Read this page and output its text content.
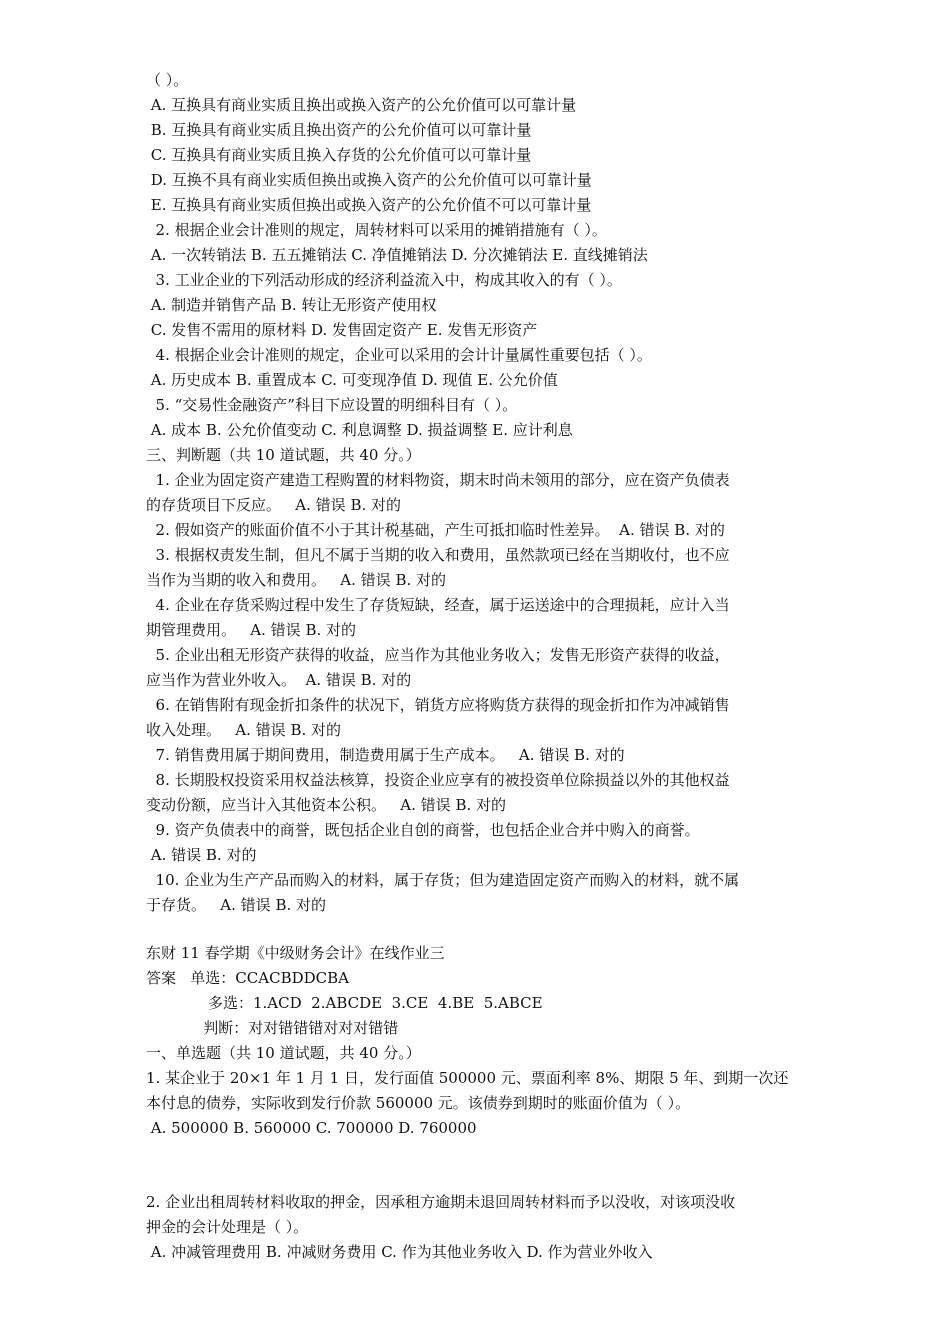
（ ）。
A. 互换具有商业实质且换出或换入资产的公允价值可以可靠计量
B. 互换具有商业实质且换出资产的公允价值可以可靠计量
C. 互换具有商业实质且换入存货的公允价值可以可靠计量
D. 互换不具有商业实质但换出或换入资产的公允价值可以可靠计量
E. 互换具有商业实质但换出或换入资产的公允价值不可以可靠计量
2. 根据企业会计准则的规定，周转材料可以采用的摊销措施有（ ）。
A. 一次转销法 B. 五五摊销法 C. 净值摊销法 D. 分次摊销法 E. 直线摊销法
3. 工业企业的下列活动形成的经济利益流入中，构成其收入的有（ ）。
A. 制造并销售产品 B. 转让无形资产使用权
C. 发售不需用的原材料 D. 发售固定资产 E. 发售无形资产
4. 根据企业会计准则的规定，企业可以采用的会计计量属性重要包括（ ）。
A. 历史成本 B. 重置成本 C. 可变现净值 D. 现值 E. 公允价值
5. “交易性金融资产”科目下应设置的明细科目有（ ）。
A. 成本 B. 公允价值变动 C. 利息调整 D. 损益调整 E. 应计利息
三、判断题（共 10 道试题，共 40 分。）
1. 企业为固定资产建造工程购置的材料物资，期末时尚未领用的部分，应在资产负债表
的存货项目下反应。   A. 错误 B. 对的
2. 假如资产的账面价值不小于其计税基础，产生可抵扣临时性差异。  A. 错误 B. 对的
3. 根据权责发生制，但凡不属于当期的收入和费用，虽然款项已经在当期收付，也不应
当作为当期的收入和费用。   A. 错误 B. 对的
4. 企业在存货采购过程中发生了存货短缺，经查，属于运送途中的合理损耗，应计入当
期管理费用。   A. 错误 B. 对的
5. 企业出租无形资产获得的收益，应当作为其他业务收入；发售无形资产获得的收益，
应当作为营业外收入。  A. 错误 B. 对的
6. 在销售附有现金折扣条件的状况下，销货方应将购货方获得的现金折扣作为冲减销售
收入处理。   A. 错误 B. 对的
7. 销售费用属于期间费用，制造费用属于生产成本。   A. 错误 B. 对的
8. 长期股权投资采用权益法核算，投资企业应享有的被投资单位除损益以外的其他权益
变动份额，应当计入其他资本公积。   A. 错误 B. 对的
9. 资产负债表中的商誉，既包括企业自创的商誉，也包括企业合并中购入的商誉。
A. 错误 B. 对的
10. 企业为生产产品而购入的材料，属于存货；但为建造固定资产而购入的材料，就不属
于存货。   A. 错误 B. 对的
东财 11 春学期《中级财务会计》在线作业三
答案   单选：CCACBDDCBA
多选：1.ACD  2.ABCDE  3.CE  4.BE  5.ABCE
判断：对对错错错对对对错错
一、单选题（共 10 道试题，共 40 分。）
1. 某企业于 20×1 年 1 月 1 日，发行面值 500000 元、票面利率 8%、期限 5 年、到期一次还
本付息的债券，实际收到发行价款 560000 元。该债券到期时的账面价值为（ ）。
A. 500000 B. 560000 C. 700000 D. 760000
2. 企业出租周转材料收取的押金，因承租方逾期未退回周转材料而予以没收，对该项没收
押金的会计处理是（ ）。
A. 冲减管理费用 B. 冲减财务费用 C. 作为其他业务收入 D. 作为营业外收入
